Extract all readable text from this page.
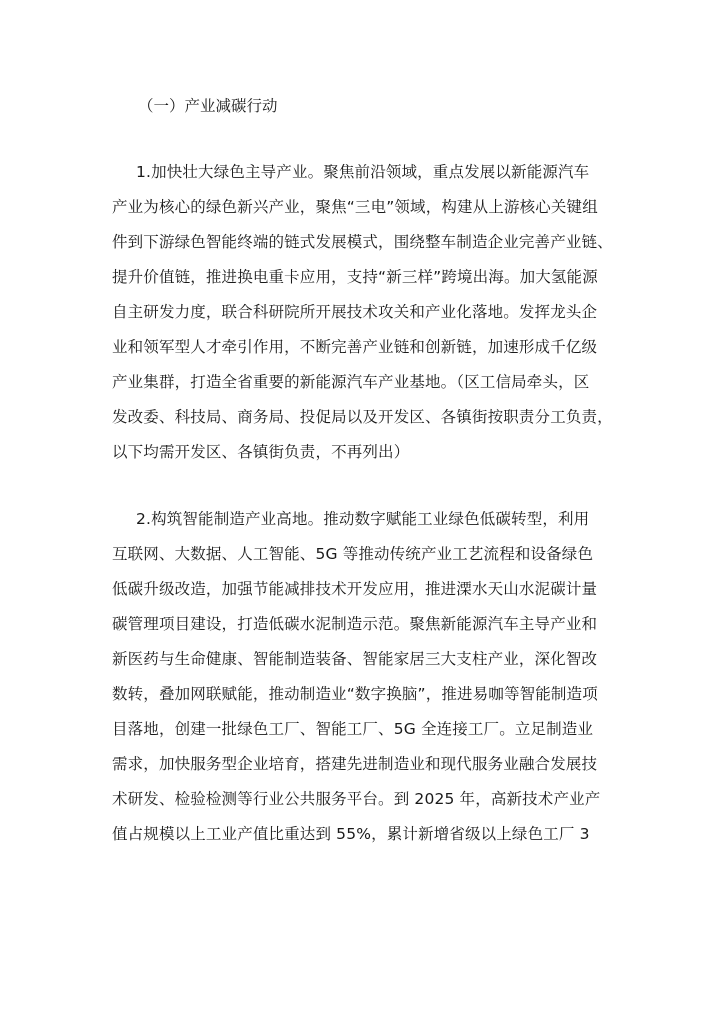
（一）产业减碳行动
1.加快壮大绿色主导产业。聚焦前沿领域，重点发展以新能源汽车
产业为核心的绿色新兴产业，聚焦“三电”领域，构建从上游核心关键组
件到下游绿色智能终端的链式发展模式，围绕整车制造企业完善产业链、
提升价值链，推进换电重卡应用，支持“新三样”跨境出海。加大氢能源
自主研发力度，联合科研院所开展技术攻关和产业化落地。发挥龙头企
业和领军型人才牵引作用，不断完善产业链和创新链，加速形成千亿级
产业集群，打造全省重要的新能源汽车产业基地。（区工信局牵头，区
发改委、科技局、商务局、投促局以及开发区、各镇街按职责分工负责，
以下均需开发区、各镇街负责，不再列出）
2.构筑智能制造产业高地。推动数字赋能工业绿色低碳转型，利用
互联网、大数据、人工智能、5G 等推动传统产业工艺流程和设备绿色
低碳升级改造，加强节能减排技术开发应用，推进溧水天山水泥碳计量
碳管理项目建设，打造低碳水泥制造示范。聚焦新能源汽车主导产业和
新医药与生命健康、智能制造装备、智能家居三大支柱产业，深化智改
数转，叠加网联赋能，推动制造业“数字换脑”，推进易咖等智能制造项
目落地，创建一批绿色工厂、智能工厂、5G 全连接工厂。立足制造业
需求，加快服务型企业培育，搭建先进制造业和现代服务业融合发展技
术研发、检验检测等行业公共服务平台。到 2025 年，高新技术产业产
值占规模以上工业产值比重达到 55%，累计新增省级以上绿色工厂 3
